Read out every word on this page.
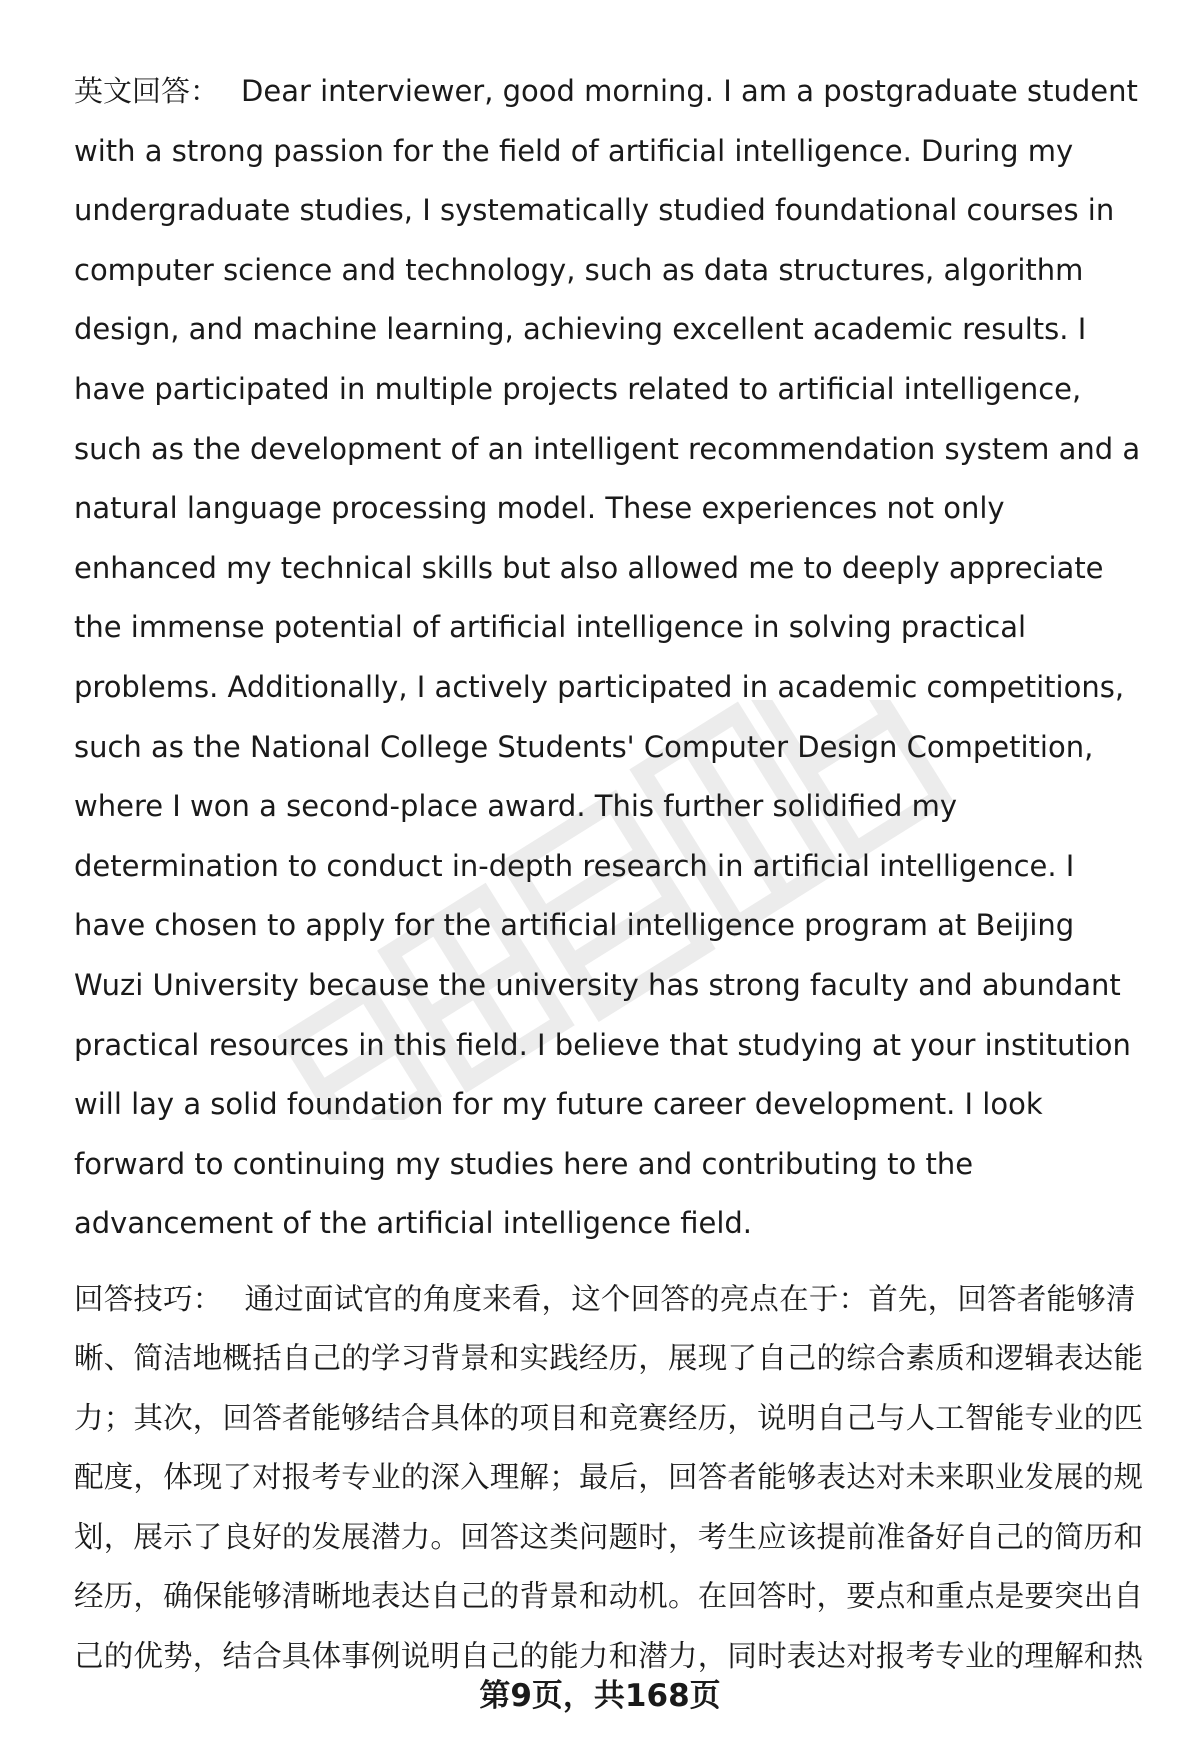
英文回答： Dear interviewer, good morning. I am a postgraduate student with a strong passion for the field of artificial intelligence. During my undergraduate studies, I systematically studied foundational courses in computer science and technology, such as data structures, algorithm design, and machine learning, achieving excellent academic results. I have participated in multiple projects related to artificial intelligence, such as the development of an intelligent recommendation system and a natural language processing model. These experiences not only enhanced my technical skills but also allowed me to deeply appreciate the immense potential of artificial intelligence in solving practical problems. Additionally, I actively participated in academic competitions, such as the National College Students' Computer Design Competition, where I won a second-place award. This further solidified my determination to conduct in-depth research in artificial intelligence. I have chosen to apply for the artificial intelligence program at Beijing Wuzi University because the university has strong faculty and abundant practical resources in this field. I believe that studying at your institution will lay a solid foundation for my future career development. I look forward to continuing my studies here and contributing to the advancement of the artificial intelligence field.

回答技巧： 通过面试官的角度来看，这个回答的亮点在于：首先，回答者能够清晰、简洁地概括自己的学习背景和实践经历，展现了自己的综合素质和逻辑表达能力；其次，回答者能够结合具体的项目和竞赛经历，说明自己与人工智能专业的匹配度，体现了对报考专业的深入理解；最后，回答者能够表达对未来职业发展的规划，展示了良好的发展潜力。回答这类问题时，考生应该提前准备好自己的简历和经历，确保能够清晰地表达自己的背景和动机。在回答时，要点和重点是要突出自己的优势，结合具体事例说明自己的能力和潜力，同时表达对报考专业的理解和热

第9页，共168页
